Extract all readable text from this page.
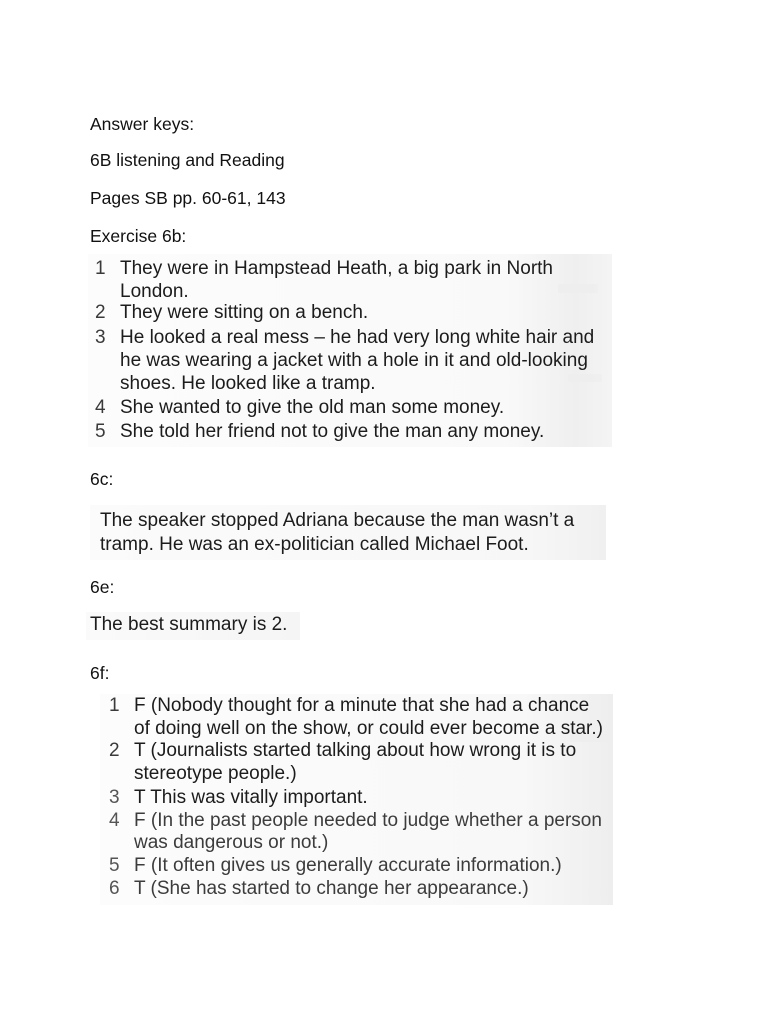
Answer keys:
6B listening and Reading
Pages SB pp. 60-61, 143
Exercise 6b:
1 They were in Hampstead Heath, a big park in North
London.
2 They were sitting on a bench.
3 He looked a real mess – he had very long white hair and
he was wearing a jacket with a hole in it and old-looking
shoes. He looked like a tramp.
4 She wanted to give the old man some money.
5 She told her friend not to give the man any money.
6c:
The speaker stopped Adriana because the man wasn’t a
tramp. He was an ex-politician called Michael Foot.
6e:
The best summary is 2.
6f:
1 F (Nobody thought for a minute that she had a chance
of doing well on the show, or could ever become a star.)
2 T (Journalists started talking about how wrong it is to
stereotype people.)
3 T This was vitally important.
4 F (In the past people needed to judge whether a person
was dangerous or not.)
5 F (It often gives us generally accurate information.)
6 T (She has started to change her appearance.)
